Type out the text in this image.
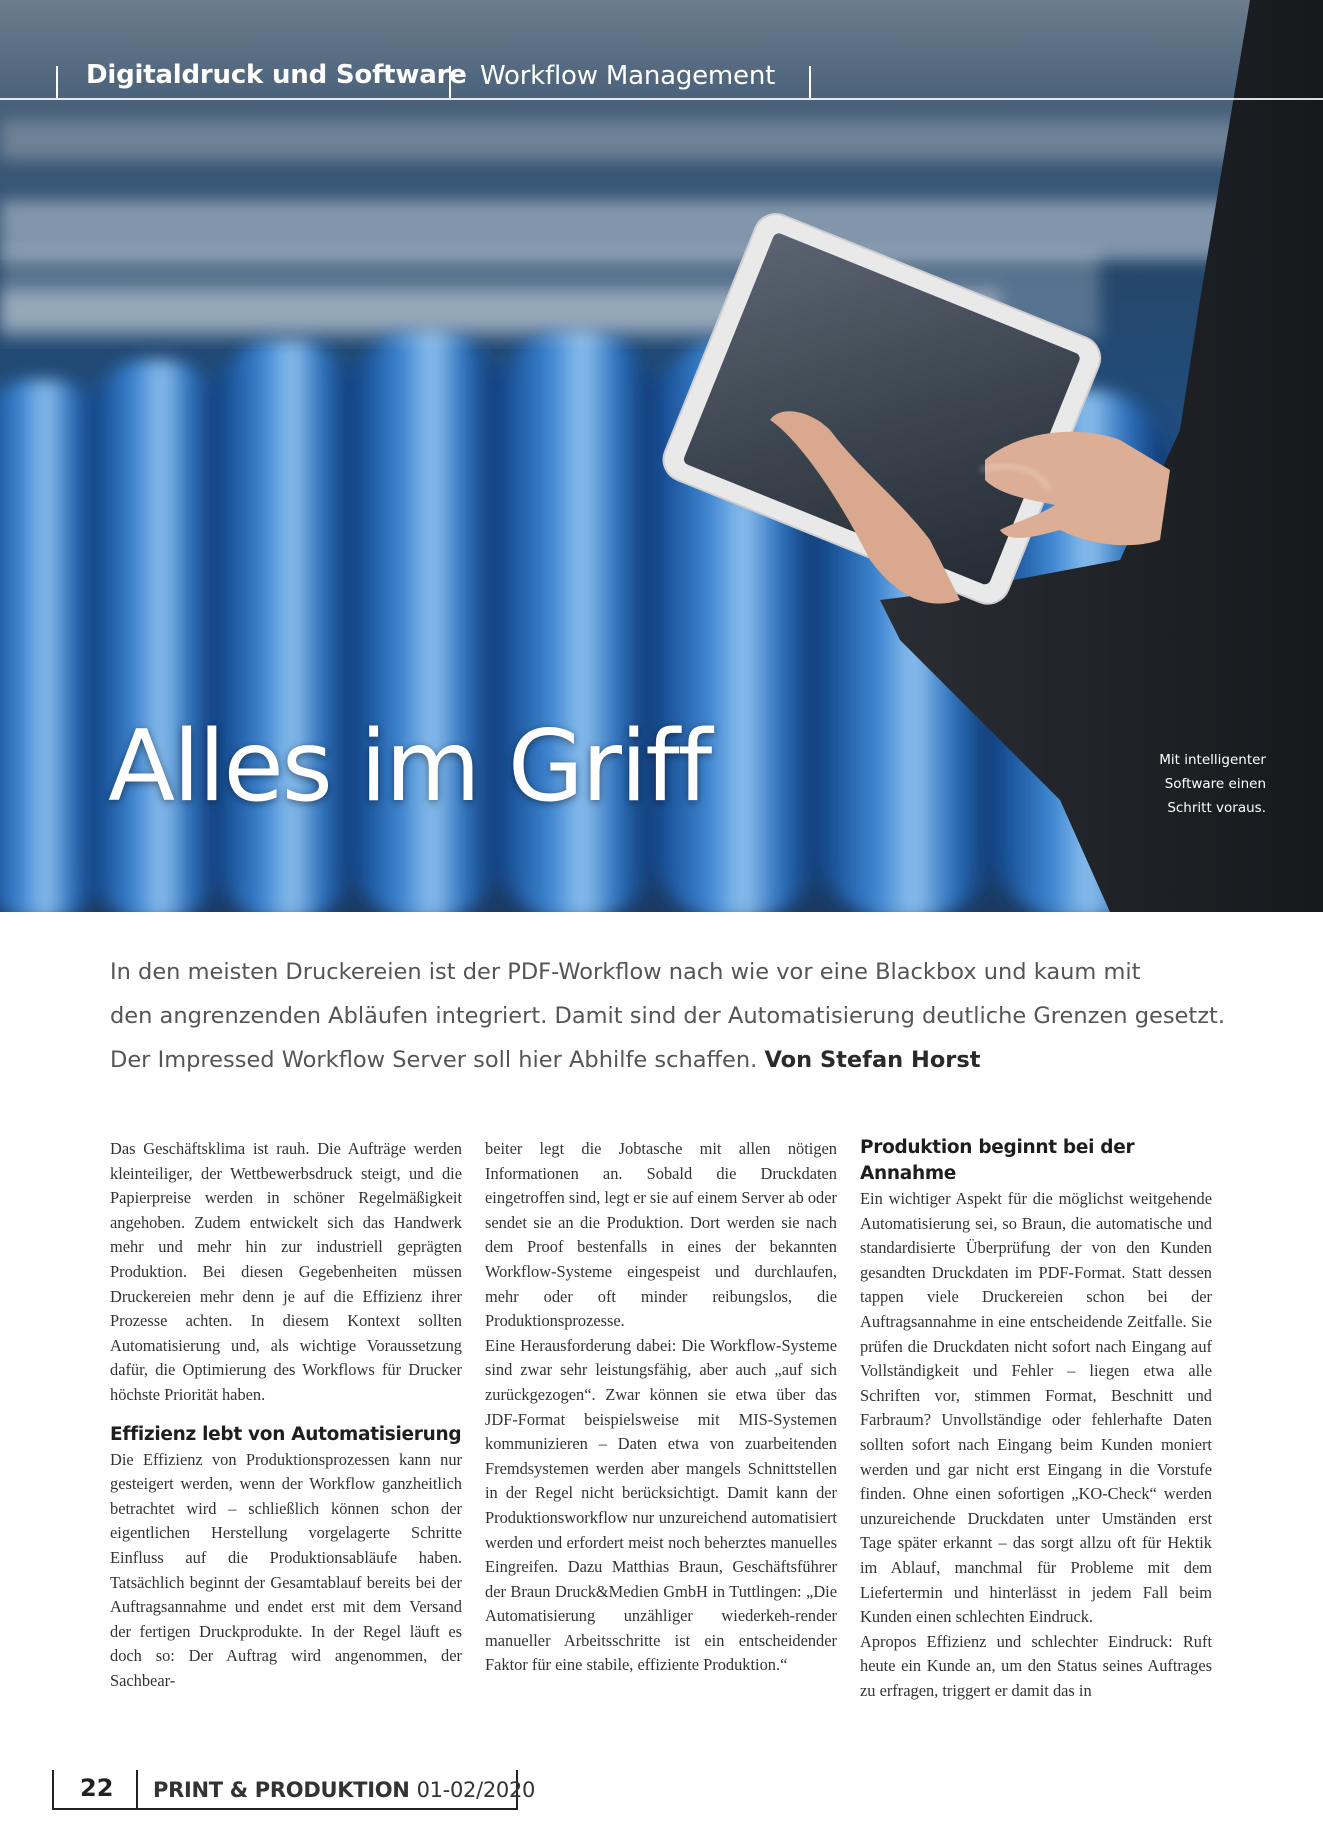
Digitaldruck und Software Workflow Management
Alles im Griff	Mit intelligenter
Software einen
Schritt voraus.
In den meisten Druckereien ist der PDF-Workflow nach wie vor eine Blackbox und kaum mit
den angrenzenden Abläufen integriert. Damit sind der Automatisierung deutliche Grenzen gesetzt.
Der Impressed Workflow Server soll hier Abhilfe schaffen. Von Stefan Horst

Das Geschäftsklima ist rauh. Die Aufträge werden kleinteiliger, der Wettbewerbsdruck steigt, und die Papierpreise werden in schöner Regelmäßigkeit angehoben. Zudem entwickelt sich das Handwerk mehr und mehr hin zur industriell geprägten Produktion. Bei diesen Gegebenheiten müssen Druckereien mehr denn je auf die Effizienz ihrer Prozesse achten. In diesem Kontext sollten Automatisierung und, als wichtige Voraussetzung dafür, die Optimierung des Workflows für Drucker höchste Priorität haben.

Effizienz lebt von Automatisierung

Die Effizienz von Produktionsprozessen kann nur gesteigert werden, wenn der Workflow ganzheitlich betrachtet wird – schließlich können schon der eigentlichen Herstellung vorgelagerte Schritte Einfluss auf die Produktionsabläufe haben. Tatsächlich beginnt der Gesamtablauf bereits bei der Auftragsannahme und endet erst mit dem Versand der fertigen Druckprodukte. In der Regel läuft es doch so: Der Auftrag wird angenommen, der Sachbear-

beiter legt die Jobtasche mit allen nötigen Informationen an. Sobald die Druckdaten eingetroffen sind, legt er sie auf einem Server ab oder sendet sie an die Produktion. Dort werden sie nach dem Proof bestenfalls in eines der bekannten Workflow-Systeme eingespeist und durchlaufen, mehr oder oft minder reibungslos, die Produktionsprozesse.

Eine Herausforderung dabei: Die Workflow-Systeme sind zwar sehr leistungsfähig, aber auch „auf sich zurückgezogen“. Zwar können sie etwa über das JDF-Format beispielsweise mit MIS-Systemen kommunizieren – Daten etwa von zuarbeitenden Fremdsystemen werden aber mangels Schnittstellen in der Regel nicht berücksichtigt. Damit kann der Produktionsworkflow nur unzureichend automatisiert werden und erfordert meist noch beherztes manuelles Eingreifen. Dazu Matthias Braun, Geschäftsführer der Braun Druck&Medien GmbH in Tuttlingen: „Die Automatisierung unzähliger wiederkeh-render manueller Arbeitsschritte ist ein entscheidender Faktor für eine stabile, effiziente Produktion.“

Produktion beginnt bei der Annahme

Ein wichtiger Aspekt für die möglichst weitgehende Automatisierung sei, so Braun, die automatische und standardisierte Überprüfung der von den Kunden gesandten Druckdaten im PDF-Format. Statt dessen tappen viele Druckereien schon bei der Auftragsannahme in eine entscheidende Zeitfalle. Sie prüfen die Druckdaten nicht sofort nach Eingang auf Vollständigkeit und Fehler – liegen etwa alle Schriften vor, stimmen Format, Beschnitt und Farbraum? Unvollständige oder fehlerhafte Daten sollten sofort nach Eingang beim Kunden moniert werden und gar nicht erst Eingang in die Vorstufe finden. Ohne einen sofortigen „KO-Check“ werden unzureichende Druckdaten unter Umständen erst Tage später erkannt – das sorgt allzu oft für Hektik im Ablauf, manchmal für Probleme mit dem Liefertermin und hinterlässt in jedem Fall beim Kunden einen schlechten Eindruck.

Apropos Effizienz und schlechter Eindruck: Ruft heute ein Kunde an, um den Status seines Auftrages zu erfragen, triggert er damit das in

22 PRINT & PRODUKTION 01-02/2020
